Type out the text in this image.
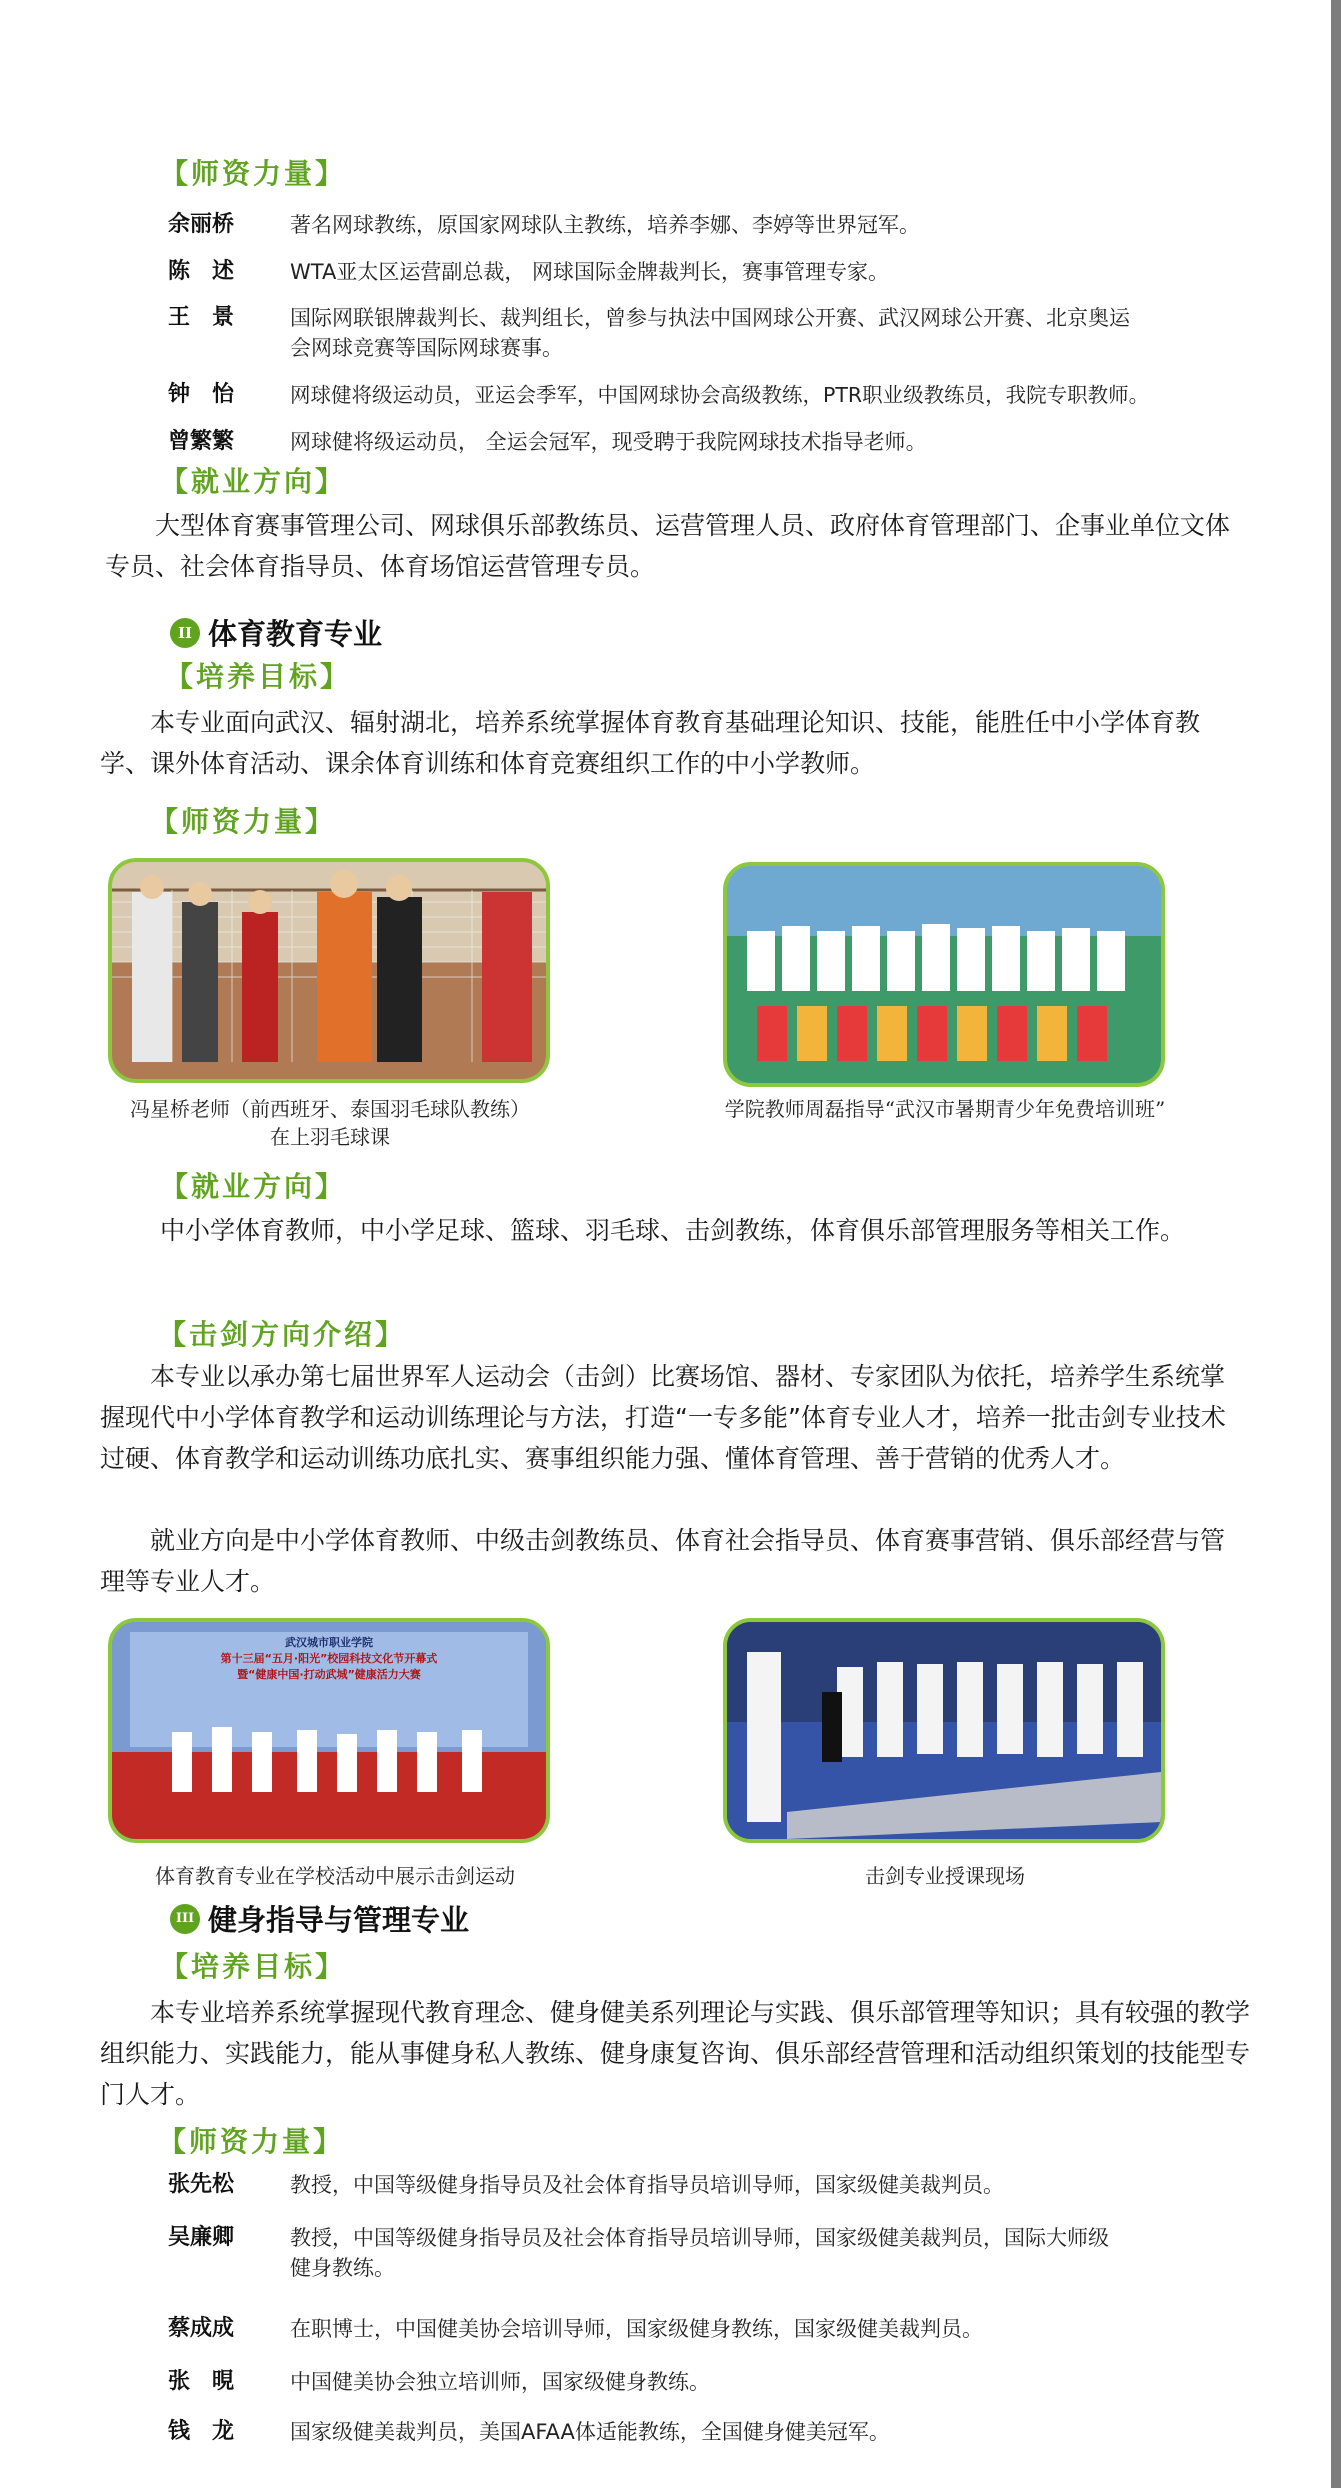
【师资力量】
余丽桥	著名网球教练，原国家网球队主教练，培养李娜、李婷等世界冠军。
陈　述	WTA亚太区运营副总裁， 网球国际金牌裁判长，赛事管理专家。
王　景	国际网联银牌裁判长、裁判组长，曾参与执法中国网球公开赛、武汉网球公开赛、北京奥运会网球竞赛等国际网球赛事。
钟　怡	网球健将级运动员，亚运会季军，中国网球协会高级教练，PTR职业级教练员，我院专职教师。
曾繁繁	网球健将级运动员， 全运会冠军，现受聘于我院网球技术指导老师。
【就业方向】

大型体育赛事管理公司、网球俱乐部教练员、运营管理人员、政府体育管理部门、企事业单位文体专员、社会体育指导员、体育场馆运营管理专员。

II 体育教育专业
【培养目标】

本专业面向武汉、辐射湖北，培养系统掌握体育教育基础理论知识、技能，能胜任中小学体育教学、课外体育活动、课余体育训练和体育竞赛组织工作的中小学教师。

【师资力量】
冯星桥老师（前西班牙、泰国羽毛球队教练）
在上羽毛球课
学院教师周磊指导“武汉市暑期青少年免费培训班”
【就业方向】

中小学体育教师，中小学足球、篮球、羽毛球、击剑教练，体育俱乐部管理服务等相关工作。

【击剑方向介绍】

本专业以承办第七届世界军人运动会（击剑）比赛场馆、器材、专家团队为依托，培养学生系统掌握现代中小学体育教学和运动训练理论与方法，打造“一专多能”体育专业人才，培养一批击剑专业技术过硬、体育教学和运动训练功底扎实、赛事组织能力强、懂体育管理、善于营销的优秀人才。

就业方向是中小学体育教师、中级击剑教练员、体育社会指导员、体育赛事营销、俱乐部经营与管理等专业人才。

武汉城市职业学院
第十三届“五月·阳光”校园科技文化节开幕式
暨“健康中国·打动武城”健康活力大赛
体育教育专业在学校活动中展示击剑运动	击剑专业授课现场
III 健身指导与管理专业
【培养目标】

本专业培养系统掌握现代教育理念、健身健美系列理论与实践、俱乐部管理等知识；具有较强的教学组织能力、实践能力，能从事健身私人教练、健身康复咨询、俱乐部经营管理和活动组织策划的技能型专门人才。

【师资力量】
张先松	教授，中国等级健身指导员及社会体育指导员培训导师，国家级健美裁判员。
吴廉卿	教授，中国等级健身指导员及社会体育指导员培训导师，国家级健美裁判员，国际大师级健身教练。
蔡成成	在职博士，中国健美协会培训导师，国家级健身教练，国家级健美裁判员。
张　晛	中国健美协会独立培训师，国家级健身教练。
钱　龙	国家级健美裁判员，美国AFAA体适能教练，全国健身健美冠军。
